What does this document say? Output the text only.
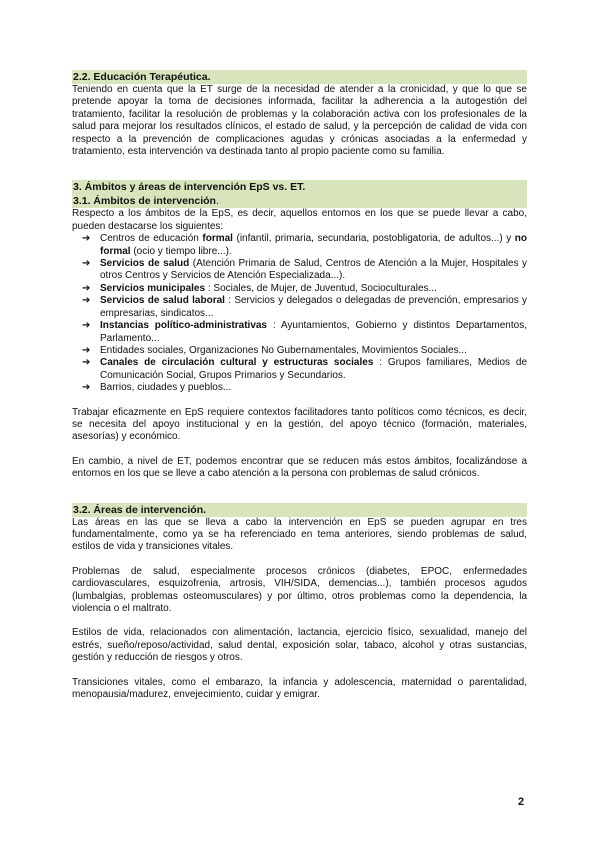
2.2. Educación Terapéutica.

Teniendo en cuenta que la ET surge de la necesidad de atender a la cronicidad, y que lo que se pretende apoyar la toma de decisiones informada, facilitar la adherencia a la autogestión del tratamiento, facilitar la resolución de problemas y la colaboración activa con los profesionales de la salud para mejorar los resultados clínicos, el estado de salud, y la percepción de calidad de vida con respecto a la prevención de complicaciones agudas y crónicas asociadas a la enfermedad y tratamiento, esta intervención va destinada tanto al propio paciente como su familia.

3. Ámbitos y áreas de intervención EpS vs. ET.
3.1. Ámbitos de intervención.

Respecto a los ámbitos de la EpS, es decir, aquellos entornos en los que se puede llevar a cabo, pueden destacarse los siguientes:

➔ Centros de educación formal (infantil, primaria, secundaria, postobligatoria, de adultos...) y no formal (ocio y tiempo libre...).
➔ Servicios de salud (Atención Primaria de Salud, Centros de Atención a la Mujer, Hospitales y otros Centros y Servicios de Atención Especializada...).
➔ Servicios municipales : Sociales, de Mujer, de Juventud, Socioculturales...
➔ Servicios de salud laboral : Servicios y delegados o delegadas de prevención, empresarios y empresarias, sindicatos...
➔ Instancias político-administrativas : Ayuntamientos, Gobierno y distintos Departamentos, Parlamento...
➔ Entidades sociales, Organizaciones No Gubernamentales, Movimientos Sociales...
➔ Canales de circulación cultural y estructuras sociales : Grupos familiares, Medios de Comunicación Social, Grupos Primarios y Secundarios.
➔ Barrios, ciudades y pueblos...

Trabajar eficazmente en EpS requiere contextos facilitadores tanto políticos como técnicos, es decir, se necesita del apoyo institucional y en la gestión, del apoyo técnico (formación, materiales, asesorías) y económico.

En cambio, a nivel de ET, podemos encontrar que se reducen más estos ámbitos, focalizándose a entornos en los que se lleve a cabo atención a la persona con problemas de salud crónicos.

3.2. Áreas de intervención.

Las áreas en las que se lleva a cabo la intervención en EpS se pueden agrupar en tres fundamentalmente, como ya se ha referenciado en tema anteriores, siendo problemas de salud, estilos de vida y transiciones vitales.

Problemas de salud, especialmente procesos crónicos (diabetes, EPOC, enfermedades cardiovasculares, esquizofrenia, artrosis, VIH/SIDA, demencias...), también procesos agudos (lumbalgias, problemas osteomusculares) y por último, otros problemas como la dependencia, la violencia o el maltrato.

Estilos de vida, relacionados con alimentación, lactancia, ejercicio físico, sexualidad, manejo del estrés, sueño/reposo/actividad, salud dental, exposición solar, tabaco, alcohol y otras sustancias, gestión y reducción de riesgos y otros.

Transiciones vitales, como el embarazo, la infancia y adolescencia, maternidad o parentalidad, menopausia/madurez, envejecimiento, cuidar y emigrar.

2
